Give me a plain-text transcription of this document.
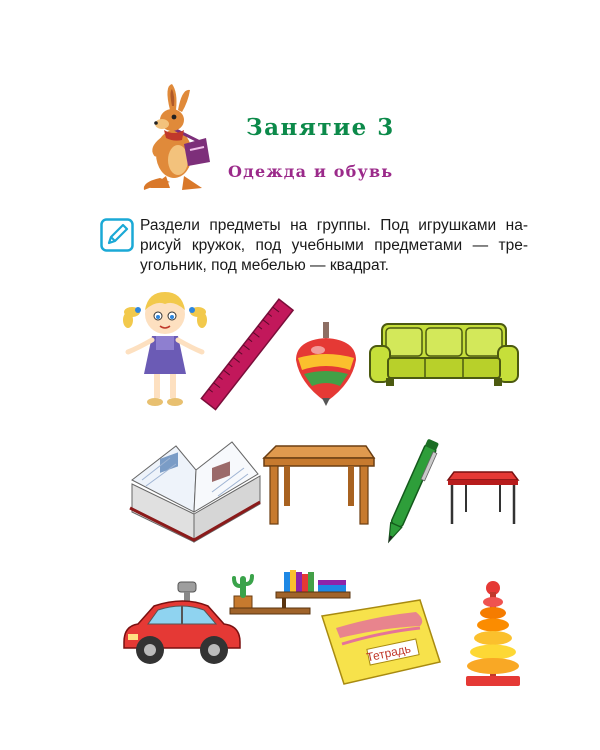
Занятие 3
Одежда и обувь
Раздели предметы на группы. Под игрушками на-
рисуй кружок, под учебными предметами — тре-
угольник, под мебелью — квадрат.
Тетрадь
